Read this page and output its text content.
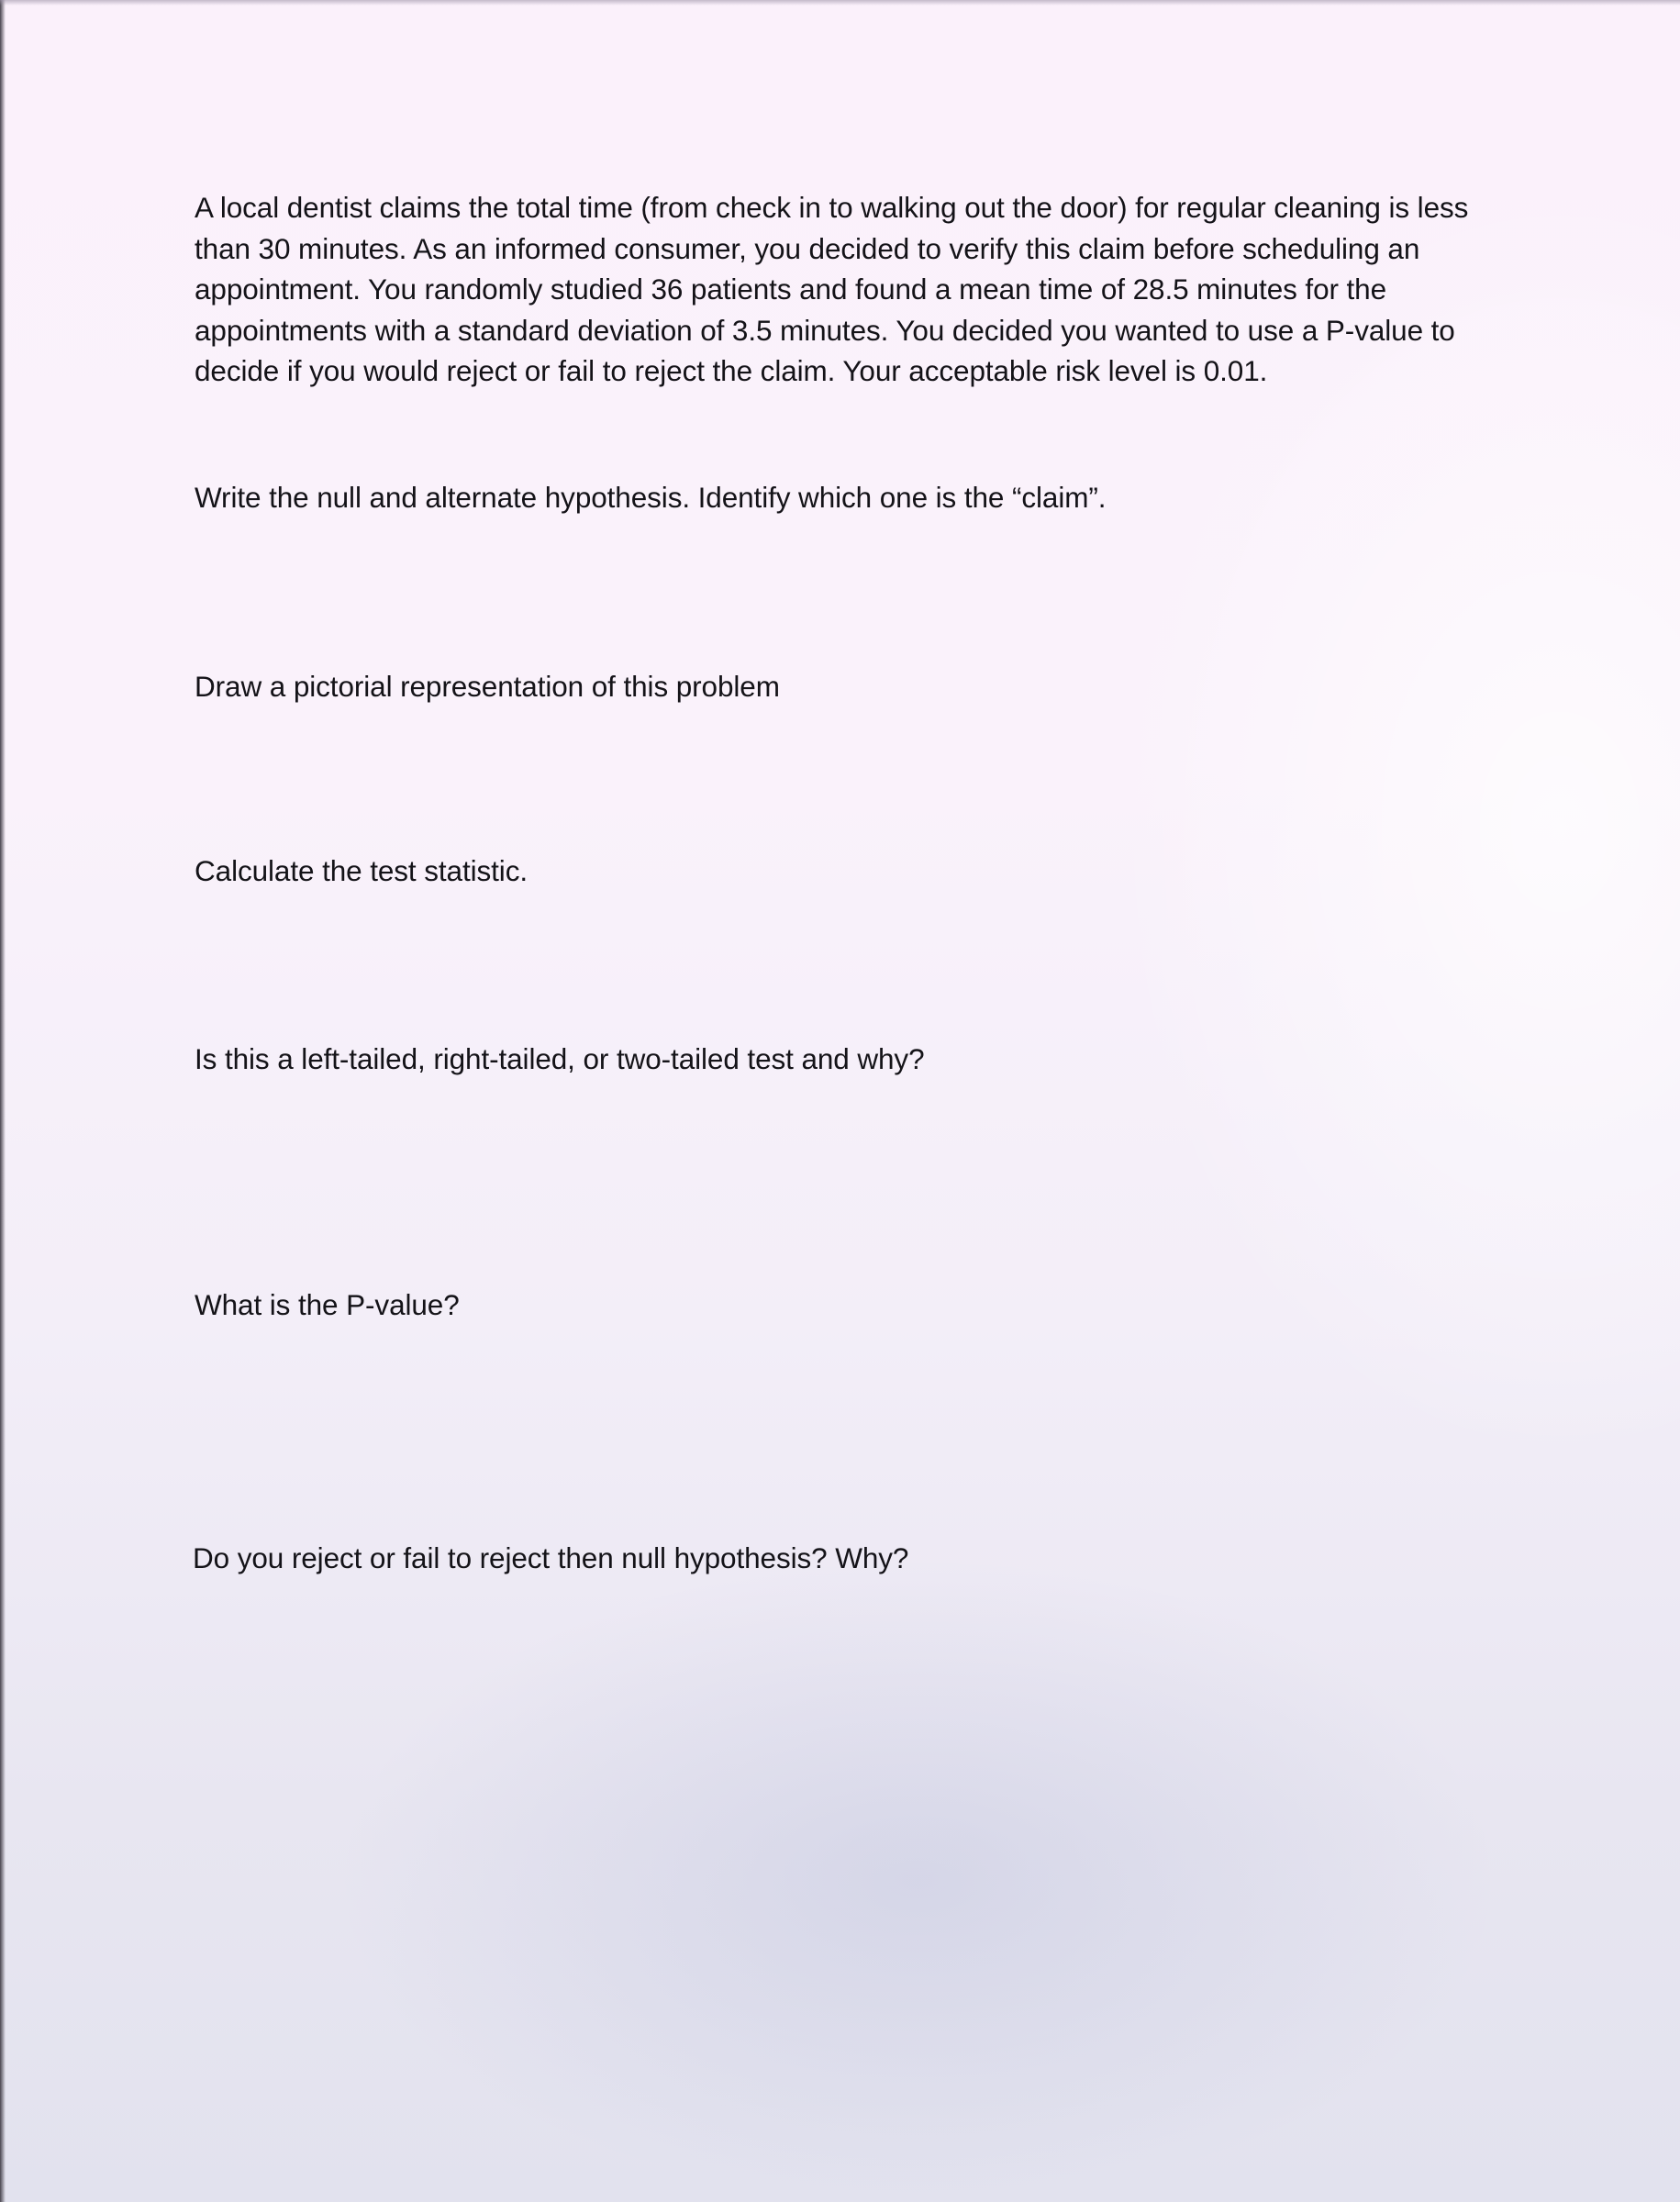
A local dentist claims the total time (from check in to walking out the door) for regular cleaning is less
than 30 minutes. As an informed consumer, you decided to verify this claim before scheduling an
appointment. You randomly studied 36 patients and found a mean time of 28.5 minutes for the
appointments with a standard deviation of 3.5 minutes. You decided you wanted to use a P-value to
decide if you would reject or fail to reject the claim. Your acceptable risk level is 0.01.
Write the null and alternate hypothesis. Identify which one is the “claim”.
Draw a pictorial representation of this problem
Calculate the test statistic.
Is this a left-tailed, right-tailed, or two-tailed test and why?
What is the P-value?
Do you reject or fail to reject then null hypothesis? Why?
